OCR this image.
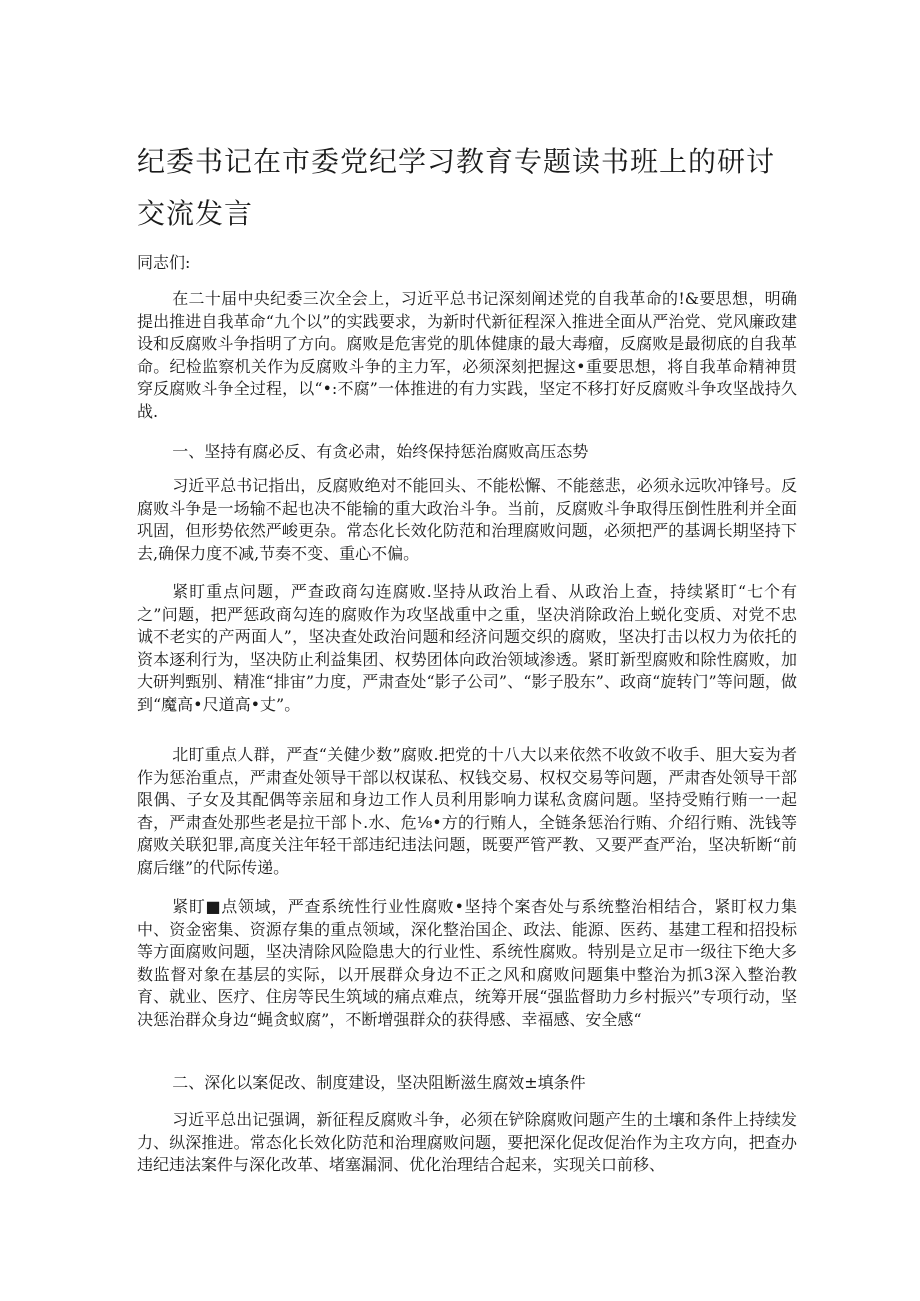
纪委书记在市委党纪学习教育专题读书班上的研讨
交流发言

同志们:

在二十届中央纪委三次全会上，习近平总书记深刻阐述党的自我革命的!&要思想，明确提出推进自我革命“九个以”的实践要求，为新时代新征程深入推进全面从严治党、党风廉政建设和反腐败斗争指明了方向。腐败是危害党的肌体健康的最大毒瘤，反腐败是最彻底的自我革命。纪检监察机关作为反腐败斗争的主力军，必须深刻把握这•重要思想，将自我革命精神贯穿反腐败斗争全过程，以“•:不腐”一体推进的有力实践，坚定不移打好反腐败斗争攻坚战持久战.

一、坚持有腐必反、有贪必肃，始终保持惩治腐败高压态势

习近平总书记指出，反腐败绝对不能回头、不能松懈、不能慈悲，必须永远吹冲锋号。反腐败斗争是一场输不起也决不能输的重大政治斗争。当前，反腐败斗争取得压倒性胜利并全面巩固，但形势依然严峻更杂。常态化长效化防范和治理腐败问题，必须把严的基调长期坚持下去,确保力度不减,节奏不变、重心不偏。

紧盯重点问题，严查政商勾连腐败.坚持从政治上看、从政治上查，持续紧盯“七个有之”问题，把严惩政商勾连的腐败作为攻坚战重中之重，坚决消除政治上蜕化变质、对党不忠诚不老实的产两面人”，坚决查处政治问题和经济问题交织的腐败，坚决打击以权力为依托的资本逐利行为，坚决防止利益集团、权势团体向政治领域渗透。紧盯新型腐败和除性腐败，加大研判甄别、精准“排宙”力度，严肃查处“影子公司”、“影子股东”、政商“旋转门”等问题，做到“魔高•尺道高•丈”。

北盯重点人群，严查“关健少数”腐败.把党的十八大以来依然不收敛不收手、胆大妄为者作为惩治重点，严肃查处领导干部以权谋私、权钱交易、权权交易等问题，严肃杳处领导干部限偶、子女及其配偶等亲屈和身边工作人员利用影响力谋私贪腐问题。坚持受贿行贿一一起杳，严肃查处那些老是拉干部卜.水、危⅛•方的行贿人，全链条惩治行贿、介绍行贿、洗钱等腐败关联犯罪,高度关注年轻干部违纪违法问题，既要严管严教、又要严查严治，坚决斩断“前腐后继”的代际传递。

紧盯■点领域，严查系统性行业性腐败•坚持个案杳处与系统整治相结合，紧盯权力集中、资金密集、资源存集的重点领域，深化整治国企、政法、能源、医药、基建工程和招投标等方面腐败问题，坚决清除风险隐患大的行业性、系统性腐败。特别是立足市一级往下绝大多数监督对象在基层的实际，以开展群众身边不正之风和腐败问题集中整治为抓3深入整治教育、就业、医疗、住房等民生筑域的痛点难点，统筹开展“强监督助力乡村振兴”专项行动，坚决惩治群众身边“蝇贪蚁腐”，不断增强群众的获得感、幸福感、安全感“

二、深化以案促改、制度建设，坚决阻断滋生腐效±填条件

习近平总出记强调，新征程反腐败斗争，必须在铲除腐败问题产生的土壤和条件上持续发力、纵深推进。常态化长效化防范和治理腐败问题，要把深化促改促治作为主攻方向，把查办违纪违法案件与深化改革、堵塞漏洞、优化治理结合起来，实现关口前移、
